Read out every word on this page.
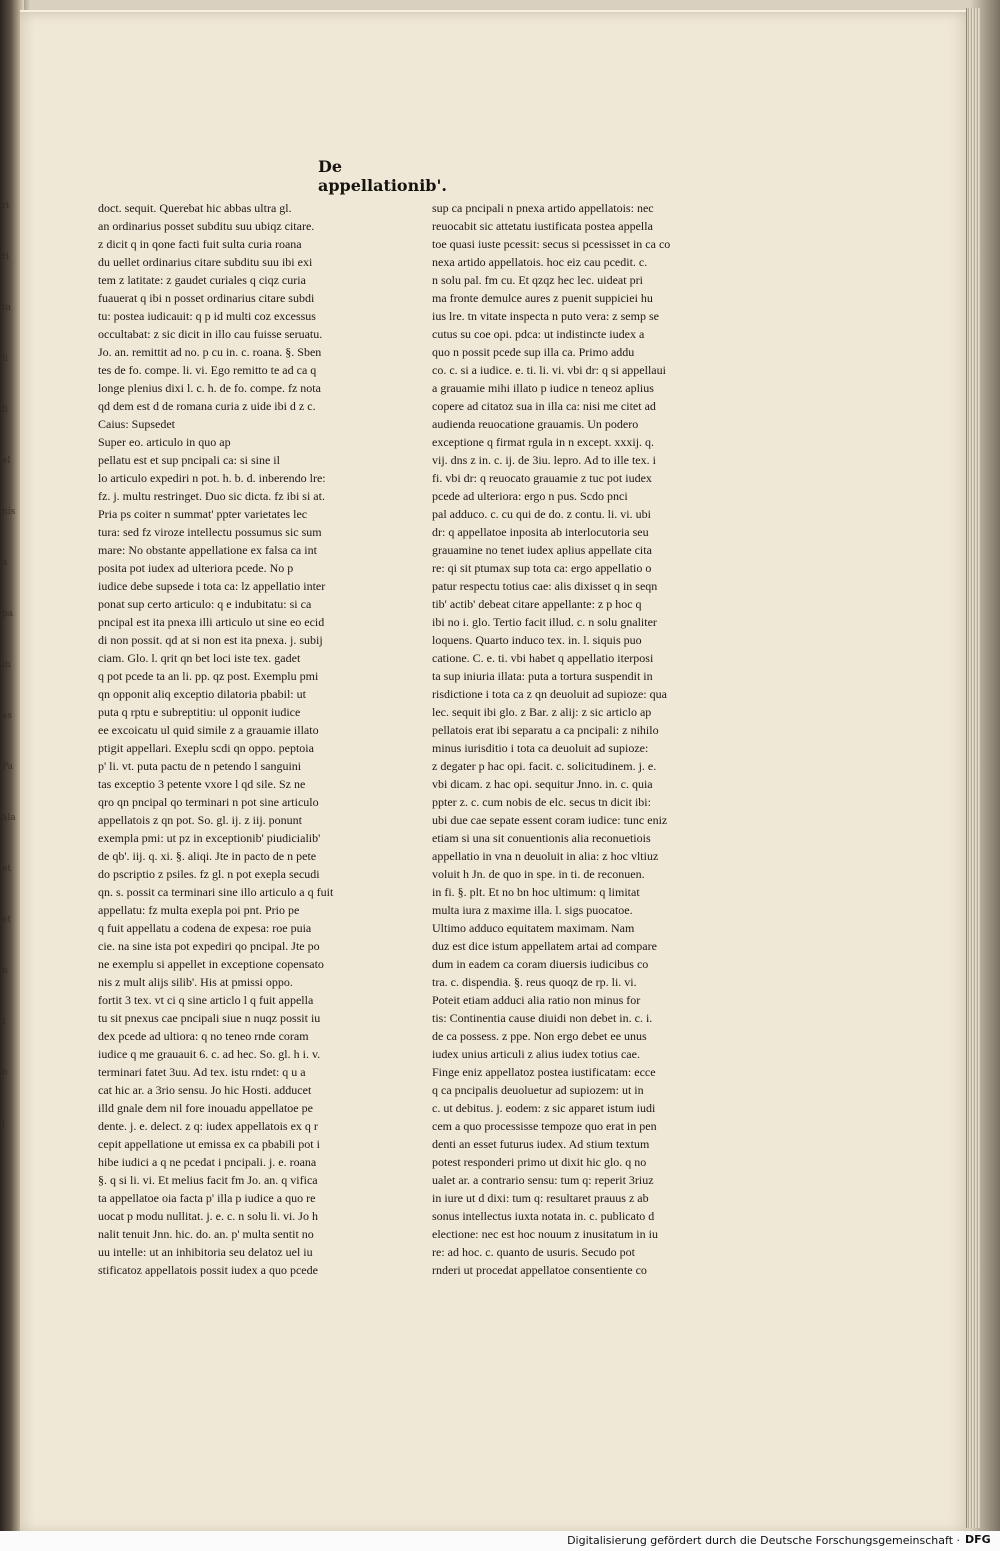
ri
ri
ta
li
li
el
nis
a
pa
in
as
Pa
ala
et
et
n
t
o
l
De appellationib'.
doct. sequit. Querebat hic abbas ultra gl.
an ordinarius posset subditu suu ubiqz citare.
z dicit q in qone facti fuit sulta curia roana
du uellet ordinarius citare subditu suu ibi exi
tem z latitate: z gaudet curiales q ciqz curia
fuauerat q ibi n posset ordinarius citare subdi
tu: postea iudicauit: q p id multi coz excessus
occultabat: z sic dicit in illo cau fuisse seruatu.
Jo. an. remittit ad no. p cu in. c. roana. §. Sben
tes de fo. compe. li. vi. Ego remitto te ad ca q
longe plenius dixi l. c. h. de fo. compe. fz nota
qd dem est d de romana curia z uide ibi d z c.
Caius: Supsedet
Super eo. articulo in quo ap
pellatu est et sup pncipali ca: si sine il
lo articulo expediri n pot. h. b. d. inberendo lre:
fz. j. multu restringet. Duo sic dicta. fz ibi si at.
Pria ps coiter n summat' ppter varietates lec
tura: sed fz viroze intellectu possumus sic sum
mare: No obstante appellatione ex falsa ca int
posita pot iudex ad ulteriora pcede. No p
iudice debe supsede i tota ca: lz appellatio inter
ponat sup certo articulo: q e indubitatu: si ca
pncipal est ita pnexa illi articulo ut sine eo ecid
di non possit. qd at si non est ita pnexa. j. subij
ciam. Glo. l. qrit qn bet loci iste tex. gadet
q pot pcede ta an li. pp. qz post. Exemplu pmi
qn opponit aliq exceptio dilatoria pbabil: ut
puta q rptu e subreptitiu: ul opponit iudice
ee excoicatu ul quid simile z a grauamie illato
ptigit appellari. Exeplu scdi qn oppo. peptoia
p' li. vt. puta pactu de n petendo l sanguini
tas exceptio 3 petente vxore l qd sile. Sz ne
qro qn pncipal qo terminari n pot sine articulo
appellatois z qn pot. So. gl. ij. z iij. ponunt
exempla pmi: ut pz in exceptionib' piudicialib'
de qb'. iij. q. xi. §. aliqi. Jte in pacto de n pete
do pscriptio z psiles. fz gl. n pot exepla secudi
qn. s. possit ca terminari sine illo articulo a q fuit
appellatu: fz multa exepla poi pnt. Prio pe
q fuit appellatu a codena de expesa: roe puia
cie. na sine ista pot expediri qo pncipal. Jte po
ne exemplu si appellet in exceptione copensato
nis z mult alijs silib'. His at pmissi oppo.
fortit 3 tex. vt ci q sine articlo l q fuit appella
tu sit pnexus cae pncipali siue n nuqz possit iu
dex pcede ad ultiora: q no teneo rnde coram
iudice q me grauauit 6. c. ad hec. So. gl. h i. v.
terminari fatet 3uu. Ad tex. istu rndet: q u a
cat hic ar. a 3rio sensu. Jo hic Hosti. adducet
illd gnale dem nil fore inouadu appellatoe pe
dente. j. e. delect. z q: iudex appellatois ex q r
cepit appellatione ut emissa ex ca pbabili pot i
hibe iudici a q ne pcedat i pncipali. j. e. roana
§. q si li. vi. Et melius facit fm Jo. an. q vifica
ta appellatoe oia facta p' illa p iudice a quo re
uocat p modu nullitat. j. e. c. n solu li. vi. Jo h
nalit tenuit Jnn. hic. do. an. p' multa sentit no
uu intelle: ut an inhibitoria seu delatoz uel iu
stificatoz appellatois possit iudex a quo pcede
sup ca pncipali n pnexa artido appellatois: nec
reuocabit sic attetatu iustificata postea appella
toe quasi iuste pcessit: secus si pcessisset in ca co
nexa artido appellatois. hoc eiz cau pcedit. c.
n solu pal. fm cu. Et qzqz hec lec. uideat pri
ma fronte demulce aures z puenit suppiciei hu
ius lre. tn vitate inspecta n puto vera: z semp se
cutus su coe opi. pdca: ut indistincte iudex a
quo n possit pcede sup illa ca. Primo addu
co. c. si a iudice. e. ti. li. vi. vbi dr: q si appellaui
a grauamie mihi illato p iudice n teneoz aplius
copere ad citatoz sua in illa ca: nisi me citet ad
audienda reuocatione grauamis. Un podero
exceptione q firmat rgula in n except. xxxij. q.
vij. dns z in. c. ij. de 3iu. lepro. Ad to ille tex. i
fi. vbi dr: q reuocato grauamie z tuc pot iudex
pcede ad ulteriora: ergo n pus. Scdo pnci
pal adduco. c. cu qui de do. z contu. li. vi. ubi
dr: q appellatoe inposita ab interlocutoria seu
grauamine no tenet iudex aplius appellate cita
re: qi sit ptumax sup tota ca: ergo appellatio o
patur respectu totius cae: alis dixisset q in seqn
tib' actib' debeat citare appellante: z p hoc q
ibi no i. glo. Tertio facit illud. c. n solu gnaliter
loquens. Quarto induco tex. in. l. siquis puo
catione. C. e. ti. vbi habet q appellatio iterposi
ta sup iniuria illata: puta a tortura suspendit in
risdictione i tota ca z qn deuoluit ad supioze: qua
lec. sequit ibi glo. z Bar. z alij: z sic articlo ap
pellatois erat ibi separatu a ca pncipali: z nihilo
minus iurisditio i tota ca deuoluit ad supioze:
z degater p hac opi. facit. c. solicitudinem. j. e.
vbi dicam. z hac opi. sequitur Jnno. in. c. quia
ppter z. c. cum nobis de elc. secus tn dicit ibi:
ubi due cae sepate essent coram iudice: tunc eniz
etiam si una sit conuentionis alia reconuetiois
appellatio in vna n deuoluit in alia: z hoc vltiuz
voluit h Jn. de quo in spe. in ti. de reconuen.
in fi. §. plt. Et no bn hoc ultimum: q limitat
multa iura z maxime illa. l. sigs puocatoe.
Ultimo adduco equitatem maximam. Nam
duz est dice istum appellatem artai ad compare
dum in eadem ca coram diuersis iudicibus co
tra. c. dispendia. §. reus quoqz de rp. li. vi.
Poteit etiam adduci alia ratio non minus for
tis: Continentia cause diuidi non debet in. c. i.
de ca possess. z ppe. Non ergo debet ee unus
iudex unius articuli z alius iudex totius cae.
Finge eniz appellatoz postea iustificatam: ecce
q ca pncipalis deuoluetur ad supiozem: ut in
c. ut debitus. j. eodem: z sic apparet istum iudi
cem a quo processisse tempoze quo erat in pen
denti an esset futurus iudex. Ad stium textum
potest responderi primo ut dixit hic glo. q no
ualet ar. a contrario sensu: tum q: reperit 3riuz
in iure ut d dixi: tum q: resultaret prauus z ab
sonus intellectus iuxta notata in. c. publicato d
electione: nec est hoc nouum z inusitatum in iu
re: ad hoc. c. quanto de usuris. Secudo pot
rnderi ut procedat appellatoe consentiente co
Digitalisierung gefördert durch die Deutsche Forschungsgemeinschaft · DFG
